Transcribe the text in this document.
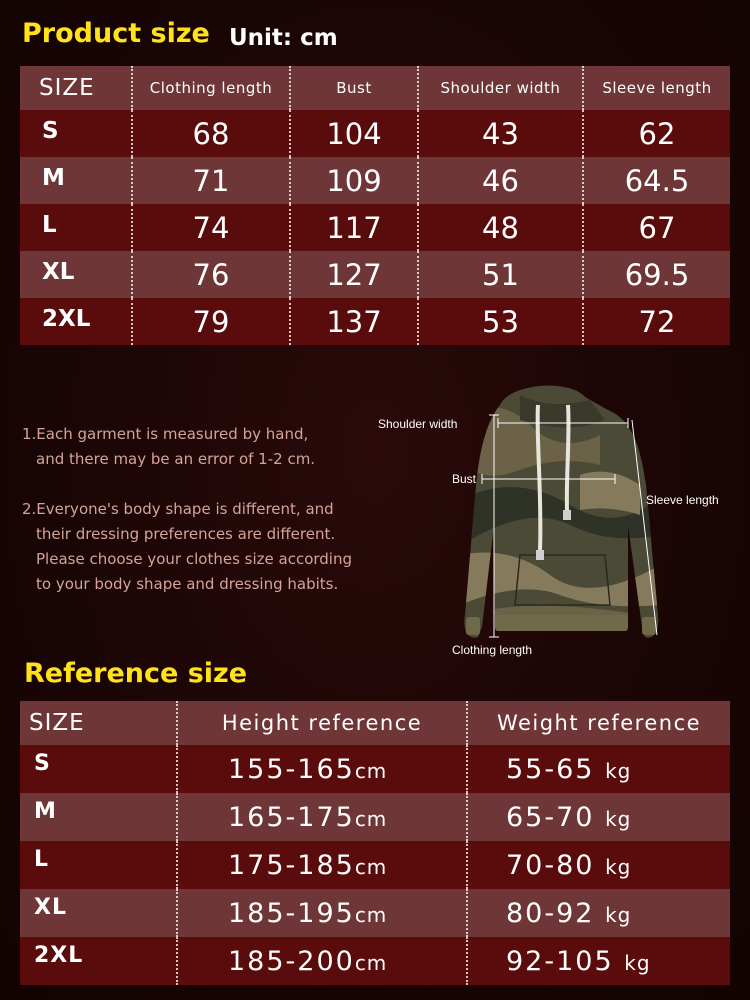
Product size Unit: cm
SIZE	Clothing length	Bust	Shoulder width	Sleeve length
S	68	104	43	62
M	71	109	46	64.5
L	74	117	48	67
XL	76	127	51	69.5
2XL	79	137	53	72

1.Each garment is measured by hand,

and there may be an error of 1-2 cm.

2.Everyone's body shape is different, and

their dressing preferences are different.

Please choose your clothes size according

to your body shape and dressing habits.

Shoulder width
Bust
Sleeve length
Clothing length
Reference size
SIZE	Height reference	Weight reference
S	155-165cm	55-65 kg
M	165-175cm	65-70 kg
L	175-185cm	70-80 kg
XL	185-195cm	80-92 kg
2XL	185-200cm	92-105 kg
